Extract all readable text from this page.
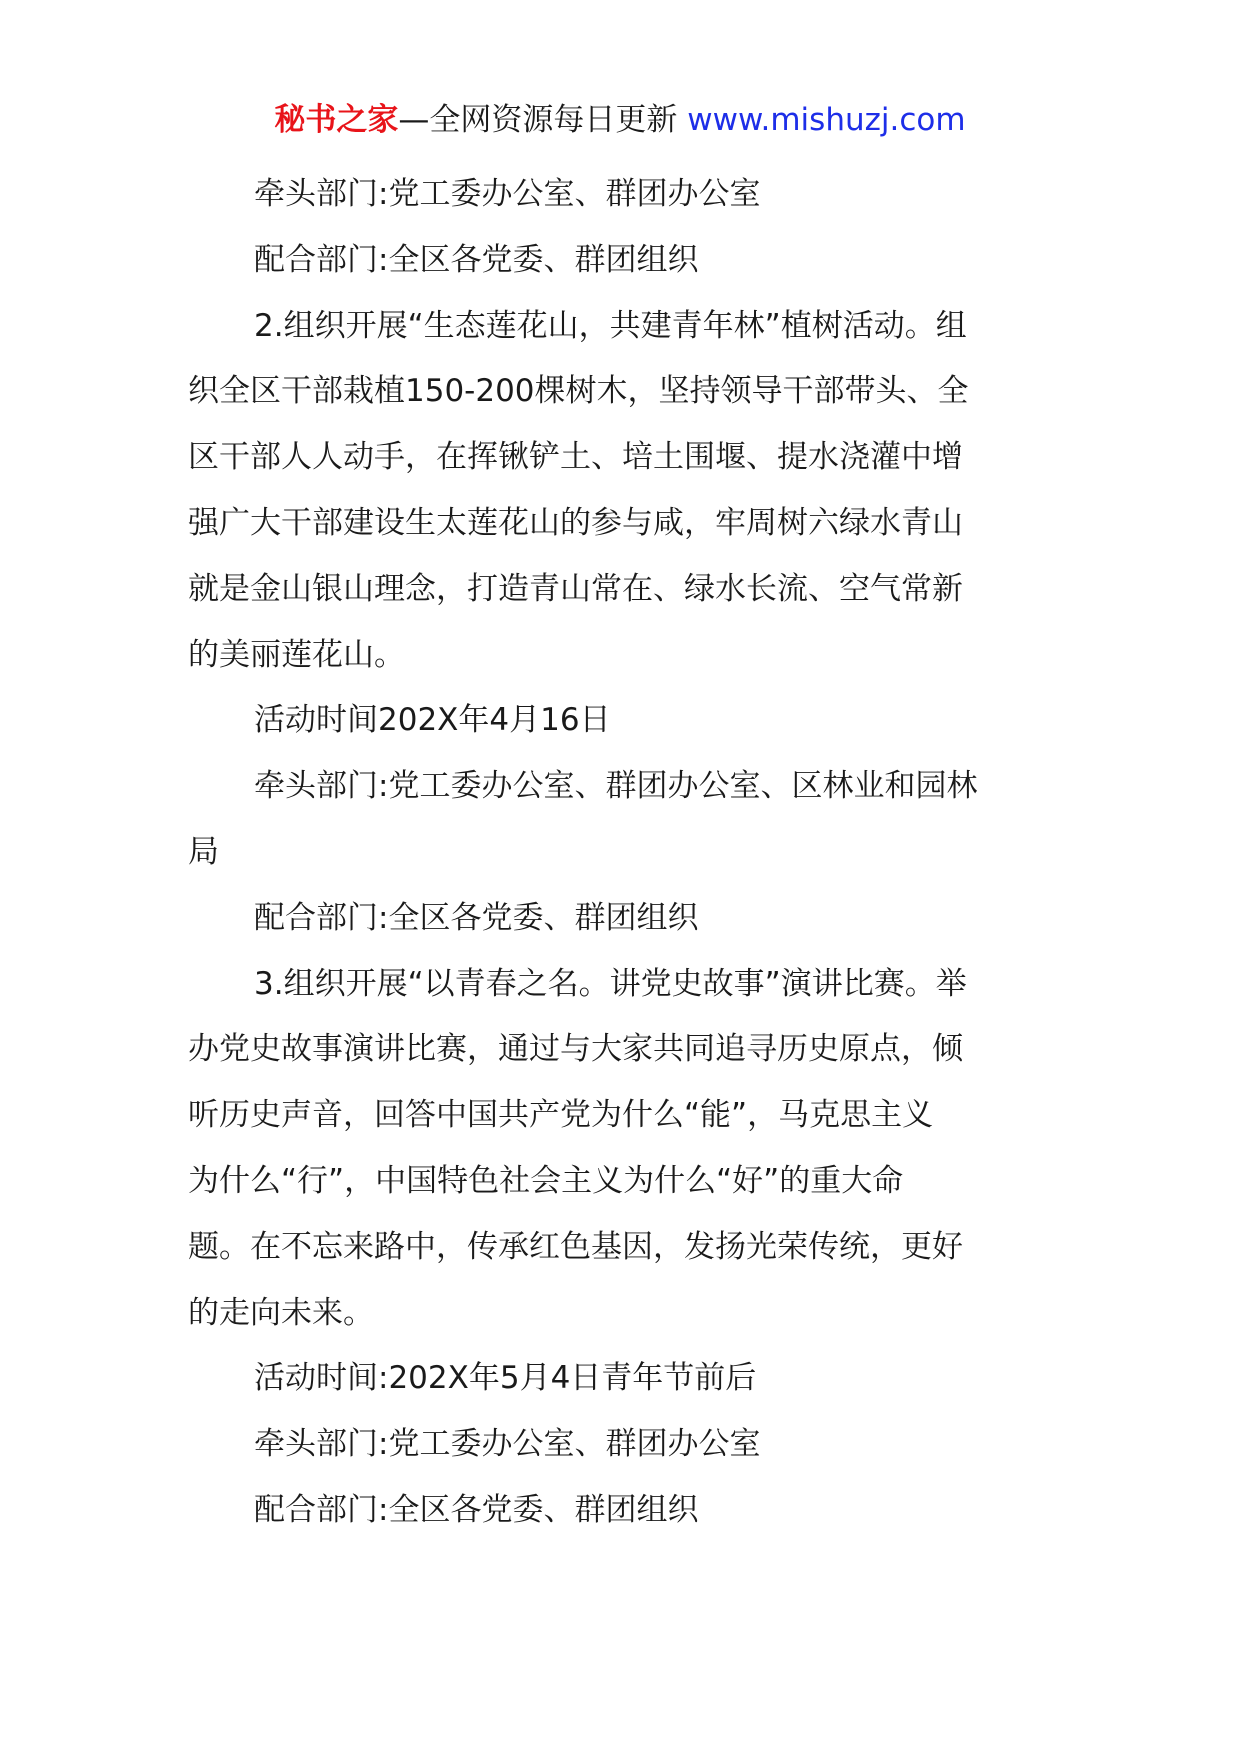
秘书之家—全网资源每日更新 www.mishuzj.com

牵头部门:党工委办公室、群团办公室

配合部门:全区各党委、群团组织

2.组织开展“生态莲花山，共建青年林”植树活动。组

织全区干部栽植150-200棵树木，坚持领导干部带头、全

区干部人人动手，在挥锹铲土、培土围堰、提水浇灌中增

强广大干部建设生太莲花山的参与咸，牢周树六绿水青山

就是金山银山理念，打造青山常在、绿水长流、空气常新

的美丽莲花山。

活动时间202X年4月16日

牵头部门:党工委办公室、群团办公室、区林业和园林

局

配合部门:全区各党委、群团组织

3.组织开展“以青春之名。讲党史故事”演讲比赛。举

办党史故事演讲比赛，通过与大家共同追寻历史原点，倾

听历史声音，回答中国共产党为什么“能”，马克思主义

为什么“行”，中国特色社会主义为什么“好”的重大命

题。在不忘来路中，传承红色基因，发扬光荣传统，更好

的走向未来。

活动时间:202X年5月4日青年节前后

牵头部门:党工委办公室、群团办公室

配合部门:全区各党委、群团组织
